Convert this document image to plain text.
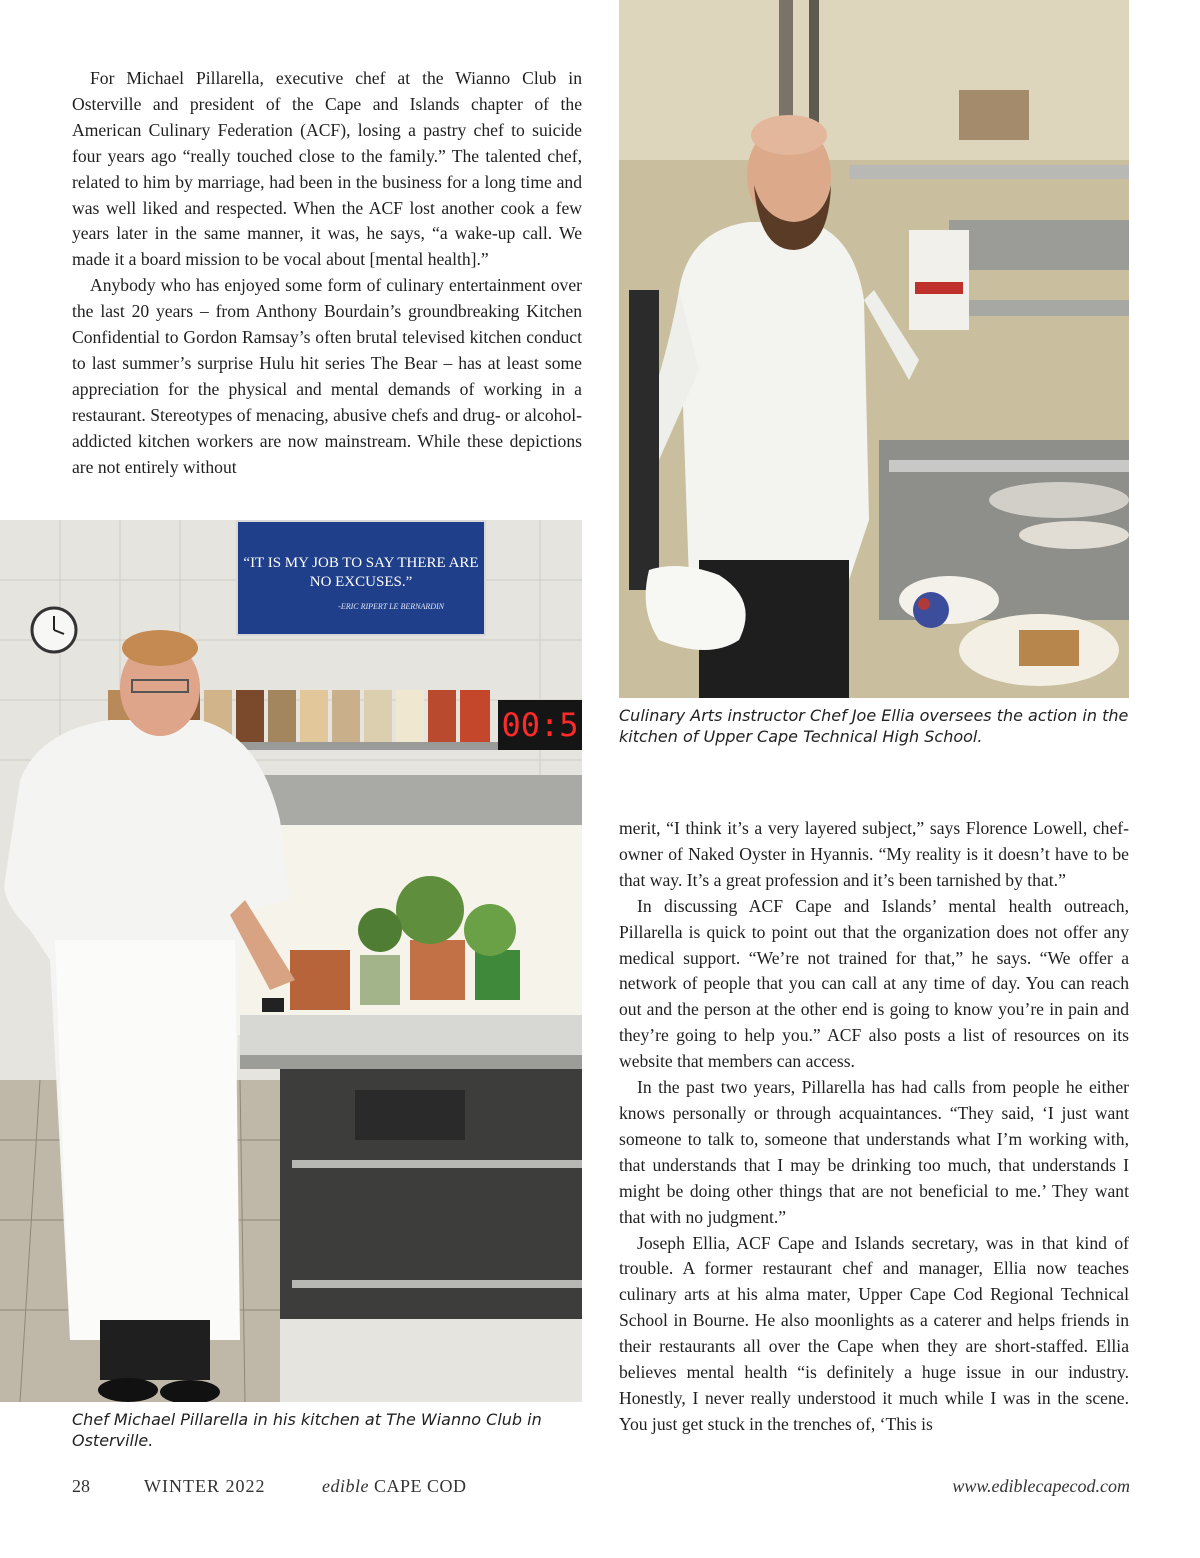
For Michael Pillarella, executive chef at the Wianno Club in Osterville and president of the Cape and Islands chapter of the American Culinary Federation (ACF), losing a pastry chef to suicide four years ago “really touched close to the family.” The talented chef, related to him by marriage, had been in the business for a long time and was well liked and respected. When the ACF lost another cook a few years later in the same manner, it was, he says, “a wake-up call. We made it a board mission to be vocal about [mental health].”

Anybody who has enjoyed some form of culinary entertainment over the last 20 years – from Anthony Bourdain’s groundbreaking Kitchen Confidential to Gordon Ramsay’s often brutal televised kitchen conduct to last summer’s surprise Hulu hit series The Bear – has at least some appreciation for the physical and mental demands of working in a restaurant. Stereotypes of menacing, abusive chefs and drug- or alcohol-addicted kitchen workers are now mainstream. While these depictions are not entirely without

Culinary Arts instructor Chef Joe Ellia oversees the action in the kitchen of Upper Cape Technical High School.
“IT IS MY JOB TO SAY THERE ARE NO EXCUSES.”
-ERIC RIPERT LE BERNARDIN
00:5
Chef Michael Pillarella in his kitchen at The Wianno Club in Osterville.

merit, “I think it’s a very layered subject,” says Florence Lowell, chef-owner of Naked Oyster in Hyannis. “My reality is it doesn’t have to be that way. It’s a great profession and it’s been tarnished by that.”

In discussing ACF Cape and Islands’ mental health outreach, Pillarella is quick to point out that the organization does not offer any medical support. “We’re not trained for that,” he says. “We offer a network of people that you can call at any time of day. You can reach out and the person at the other end is going to know you’re in pain and they’re going to help you.” ACF also posts a list of resources on its website that members can access.

In the past two years, Pillarella has had calls from people he either knows personally or through acquaintances. “They said, ‘I just want someone to talk to, someone that understands what I’m working with, that understands that I may be drinking too much, that understands I might be doing other things that are not beneficial to me.’ They want that with no judgment.”

Joseph Ellia, ACF Cape and Islands secretary, was in that kind of trouble. A former restaurant chef and manager, Ellia now teaches culinary arts at his alma mater, Upper Cape Cod Regional Technical School in Bourne. He also moonlights as a caterer and helps friends in their restaurants all over the Cape when they are short-staffed. Ellia believes mental health “is definitely a huge issue in our industry. Honestly, I never really understood it much while I was in the scene. You just get stuck in the trenches of, ‘This is

28	WINTER 2022	edible CAPE COD	www.ediblecapecod.com
